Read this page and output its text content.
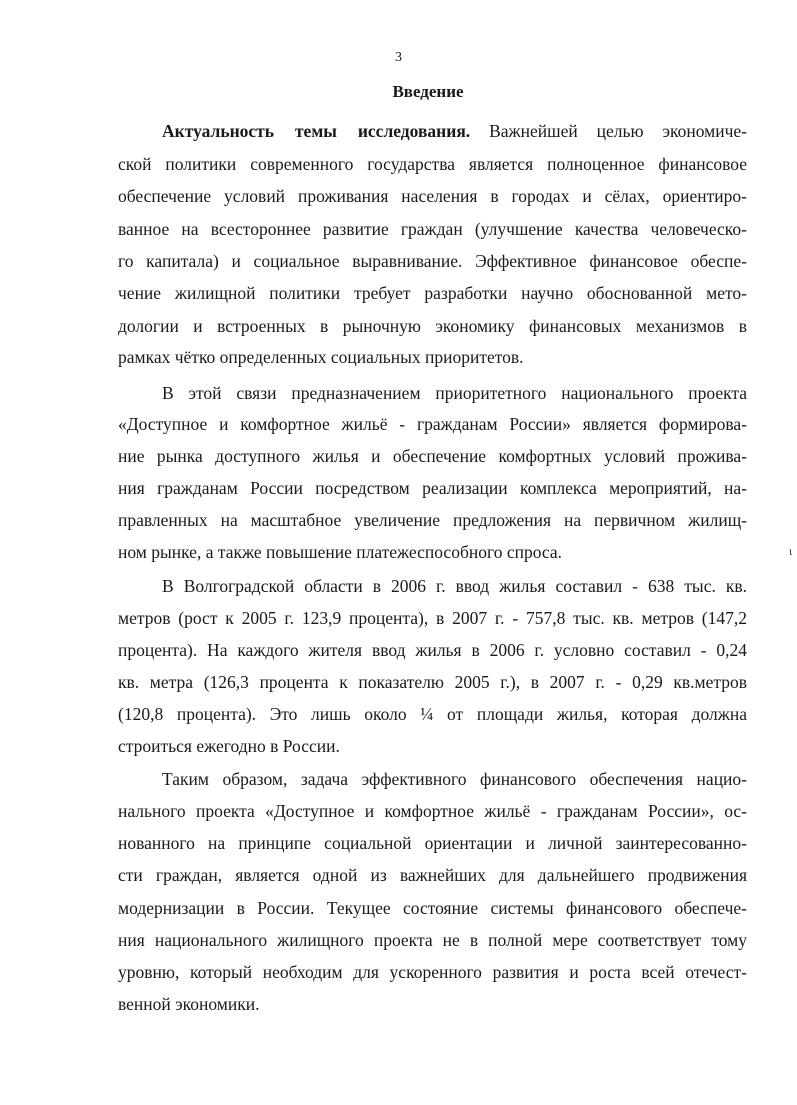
3
Введение
Актуальность темы исследования. Важнейшей целью экономиче-
ской политики современного государства является полноценное финансовое
обеспечение условий проживания населения в городах и сёлах, ориентиро-
ванное на всестороннее развитие граждан (улучшение качества человеческо-
го капитала) и социальное выравнивание. Эффективное финансовое обеспе-
чение жилищной политики требует разработки научно обоснованной мето-
дологии и встроенных в рыночную экономику финансовых механизмов в
рамках чётко определенных социальных приоритетов.
В этой связи предназначением приоритетного национального проекта
«Доступное и комфортное жильё - гражданам России» является формирова-
ние рынка доступного жилья и обеспечение комфортных условий прожива-
ния гражданам России посредством реализации комплекса мероприятий, на-
правленных на масштабное увеличение предложения на первичном жилищ-
ном рынке, а также повышение платежеспособного спроса.	ι
В Волгоградской области в 2006 г. ввод жилья составил - 638 тыс. кв.
метров (рост к 2005 г. 123,9 процента), в 2007 г. - 757,8 тыс. кв. метров (147,2
процента). На каждого жителя ввод жилья в 2006 г. условно составил - 0,24
кв. метра (126,3 процента к показателю 2005 г.), в 2007 г. - 0,29 кв.метров
(120,8 процента). Это лишь около ¼ от площади жилья, которая должна
строиться ежегодно в России.
Таким образом, задача эффективного финансового обеспечения нацио-
нального проекта «Доступное и комфортное жильё - гражданам России», ос-
нованного на принципе социальной ориентации и личной заинтересованно-
сти граждан, является одной из важнейших для дальнейшего продвижения
модернизации в России. Текущее состояние системы финансового обеспече-
ния национального жилищного проекта не в полной мере соответствует тому
уровню, который необходим для ускоренного развития и роста всей отечест-
венной экономики.
